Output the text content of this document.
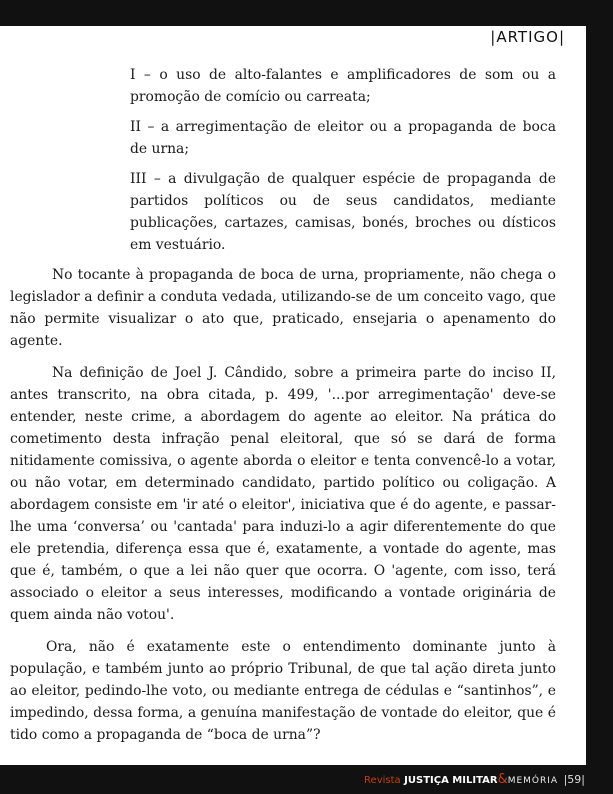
|ARTIGO|

I – o uso de alto-falantes e amplificadores de som ou a promoção de comício ou carreata;

II – a arregimentação de eleitor ou a propaganda de boca de urna;

III – a divulgação de qualquer espécie de propaganda de partidos políticos ou de seus candidatos, mediante publicações, cartazes, camisas, bonés, broches ou dísticos em vestuário.

No tocante à propaganda de boca de urna, propriamente, não chega o legislador a definir a conduta vedada, utilizando-se de um conceito vago, que não permite visualizar o ato que, praticado, ensejaria o apenamento do agente.

Na definição de Joel J. Cândido, sobre a primeira parte do inciso II, antes transcrito, na obra citada, p. 499, '...por arregimentação' deve-se entender, neste crime, a abordagem do agente ao eleitor. Na prática do cometimento desta infração penal eleitoral, que só se dará de forma nitidamente comissiva, o agente aborda o eleitor e tenta convencê-lo a votar, ou não votar, em determinado candidato, partido político ou coligação. A abordagem consiste em 'ir até o eleitor', iniciativa que é do agente, e passar-lhe uma ‘conversa’ ou 'cantada' para induzi-lo a agir diferentemente do que ele pretendia, diferença essa que é, exatamente, a vontade do agente, mas que é, também, o que a lei não quer que ocorra. O 'agente, com isso, terá associado o eleitor a seus interesses, modificando a vontade originária de quem ainda não votou'.

Ora, não é exatamente este o entendimento dominante junto à população, e também junto ao próprio Tribunal, de que tal ação direta junto ao eleitor, pedindo-lhe voto, ou mediante entrega de cédulas e “santinhos”, e impedindo, dessa forma, a genuína manifestação de vontade do eleitor, que é tido como a propaganda de “boca de urna”?

Revista JUSTIÇA MILITAR&MEMÓRIA |59|
